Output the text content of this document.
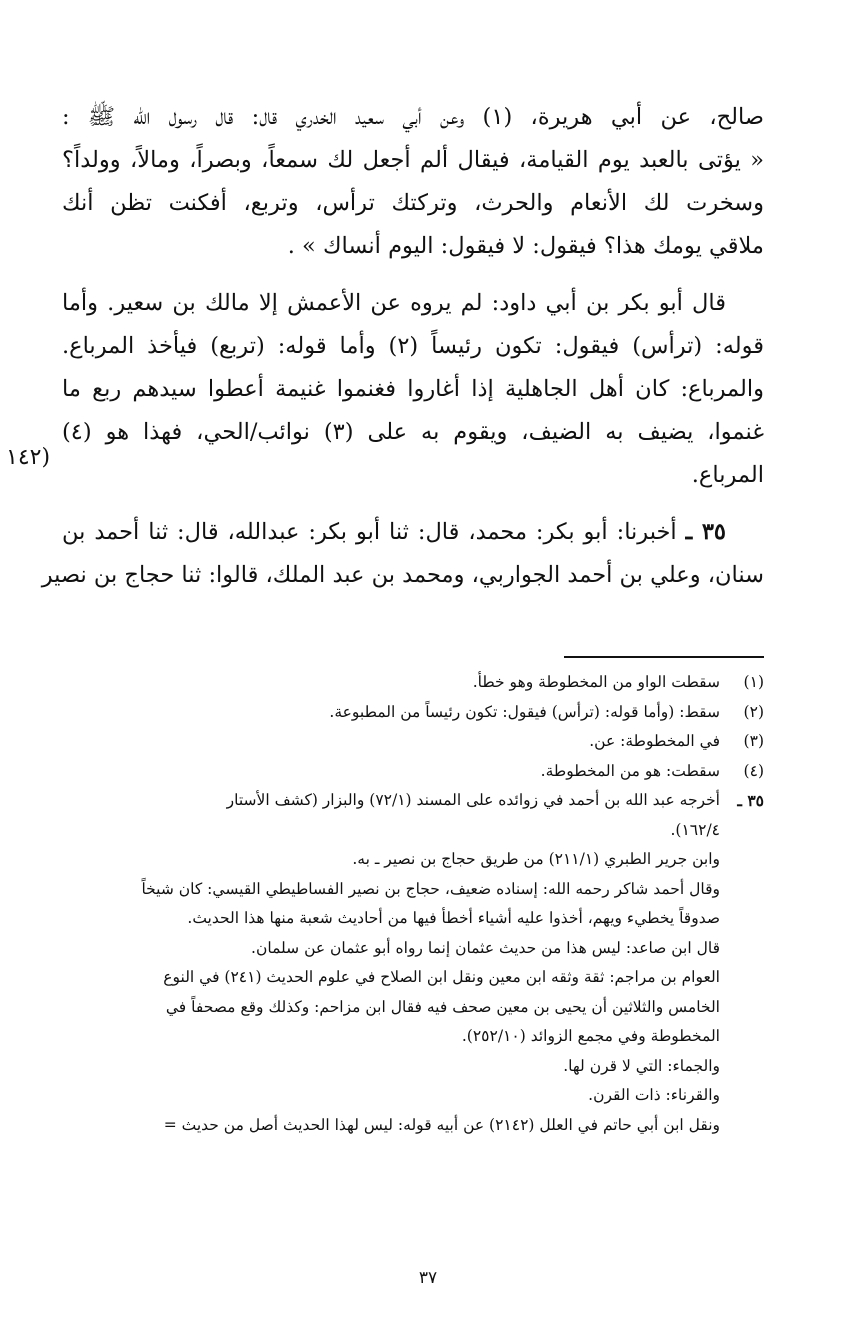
صالح، عن أبي هريرة، (١) وعن أبي سعيد الخدري قال: قال رسول الله ﷺ :
« يؤتى بالعبد يوم القيامة، فيقال ألم أجعل لك سمعاً، وبصراً، ومالاً، وولداً؟
وسخرت لك الأنعام والحرث، وتركتك ترأس، وتربع، أفكنت تظن أنك
ملاقي يومك هذا؟ فيقول: لا فيقول: اليوم أنساك » .

قال أبو بكر بن أبي داود: لم يروه عن الأعمش إلا مالك بن سعير. وأما
قوله: (ترأس) فيقول: تكون رئيساً (٢) وأما قوله: (تربع) فيأخذ المرباع.
والمرباع: كان أهل الجاهلية إذا أغاروا فغنموا غنيمة أعطوا سيدهم ربع ما
غنموا، يضيف به الضيف، ويقوم به على (٣) نوائب/الحي، فهذا هو (٤)
المرباع.

٣٥ ـ أخبرنا: أبو بكر: محمد، قال: ثنا أبو بكر: عبدالله، قال: ثنا أحمد بن
سنان، وعلي بن أحمد الجواربي، ومحمد بن عبد الملك، قالوا: ثنا حجاج بن نصير

(١٤٢
(١)
سقطت الواو من المخطوطة وهو خطأ.
(٢)
سقط: (وأما قوله: (ترأس) فيقول: تكون رئيساً من المطبوعة.
(٣)
في المخطوطة: عن.
(٤)
سقطت: هو من المخطوطة.
٣٥ ـ
أخرجه عبد الله بن أحمد في زوائده على المسند (٧٢/١) والبزار (كشف الأستار
١٦٢/٤).
وابن جرير الطبري (٢١١/١) من طريق حجاج بن نصير ـ به.
وقال أحمد شاكر رحمه الله: إسناده ضعيف، حجاج بن نصير الفساطيطي القيسي: كان شيخاً
صدوقاً يخطيء ويهم، أخذوا عليه أشياء أخطأ فيها من أحاديث شعبة منها هذا الحديث.
قال ابن صاعد: ليس هذا من حديث عثمان إنما رواه أبو عثمان عن سلمان.
العوام بن مراجم: ثقة وثقه ابن معين ونقل ابن الصلاح في علوم الحديث (٢٤١) في النوع
الخامس والثلاثين أن يحيى بن معين صحف فيه فقال ابن مزاحم: وكذلك وقع مصحفاً في
المخطوطة وفي مجمع الزوائد (٢٥٢/١٠).
والجماء: التي لا قرن لها.
والقرناء: ذات القرن.
ونقل ابن أبي حاتم في العلل (٢١٤٢) عن أبيه قوله: ليس لهذا الحديث أصل من حديث =
٣٧
